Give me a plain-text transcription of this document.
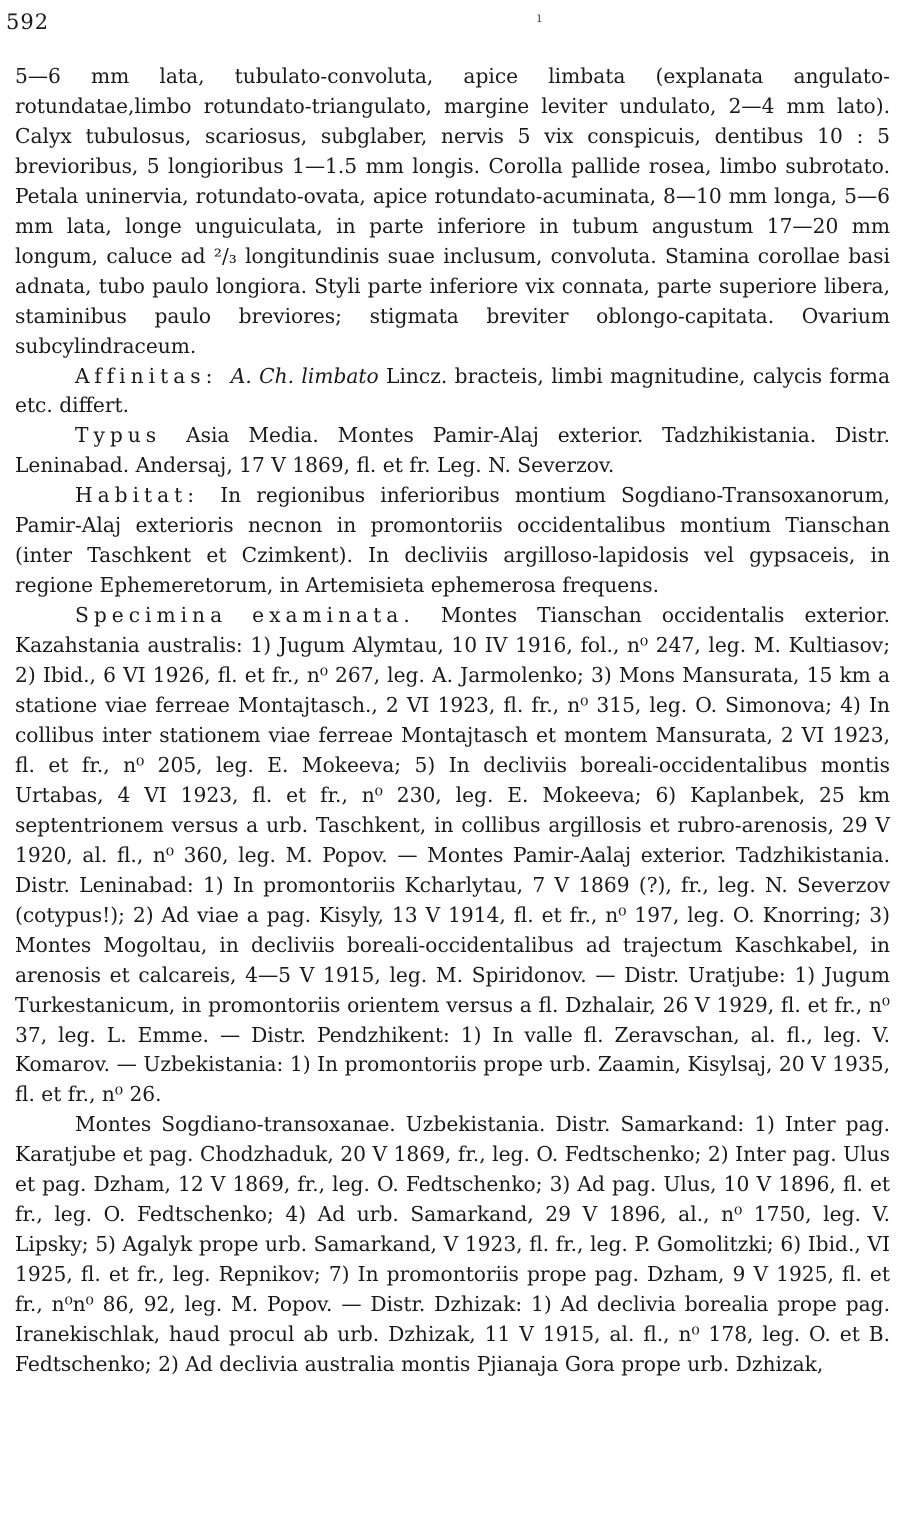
592	ı

5—6 mm lata, tubulato-convoluta, apice limbata (explanata angulato-rotundatae,limbo rotundato-triangulato, margine leviter undulato, 2—4 mm lato). Calyx tubulosus, scariosus, subglaber, nervis 5 vix conspicuis, dentibus 10 : 5 brevioribus, 5 longioribus 1—1.5 mm longis. Corolla pallide rosea, limbo subrotato. Petala uninervia, rotundato-ovata, apice rotundato-acuminata, 8—10 mm longa, 5—6 mm lata, longe unguiculata, in parte inferiore in tubum angustum 17—20 mm longum, caluce ad ²/₃ longitundinis suae inclusum, convoluta. Stamina corollae basi adnata, tubo paulo longiora. Styli parte inferiore vix connata, parte superiore libera, staminibus paulo breviores; stigmata breviter oblongo-capitata. Ovarium subcylindraceum.

Affinitas: A. Ch. limbato Lincz. bracteis, limbi magnitudine, calycis forma etc. differt.

Typus Asia Media. Montes Pamir-Alaj exterior. Tadzhikistania. Distr. Leninabad. Andersaj, 17 V 1869, fl. et fr. Leg. N. Severzov.

Habitat: In regionibus inferioribus montium Sogdiano-Transoxanorum, Pamir-Alaj exterioris necnon in promontoriis occidentalibus montium Tianschan (inter Taschkent et Czimkent). In decliviis argilloso-lapidosis vel gypsaceis, in regione Ephemeretorum, in Artemisieta ephemerosa frequens.

Specimina examinata. Montes Tianschan occidentalis exterior. Kazahstania australis: 1) Jugum Alymtau, 10 IV 1916, fol., n⁰ 247, leg. M. Kultiasov; 2) Ibid., 6 VI 1926, fl. et fr., n⁰ 267, leg. A. Jarmolenko; 3) Mons Mansurata, 15 km a statione viae ferreae Montajtasch., 2 VI 1923, fl. fr., n⁰ 315, leg. O. Simonova; 4) In collibus inter stationem viae ferreae Montajtasch et montem Mansurata, 2 VI 1923, fl. et fr., n⁰ 205, leg. E. Mokeeva; 5) In decliviis boreali-occidentalibus montis Urtabas, 4 VI 1923, fl. et fr., n⁰ 230, leg. E. Mokeeva; 6) Kaplanbek, 25 km septentrionem versus a urb. Taschkent, in collibus argillosis et rubro-arenosis, 29 V 1920, al. fl., n⁰ 360, leg. M. Popov. — Montes Pamir-Aalaj exterior. Tadzhikistania. Distr. Leninabad: 1) In promontoriis Kcharlytau, 7 V 1869 (?), fr., leg. N. Severzov (cotypus!); 2) Ad viae a pag. Kisyly, 13 V 1914, fl. et fr., n⁰ 197, leg. O. Knorring; 3) Montes Mogoltau, in decliviis boreali-occidentalibus ad trajectum Kaschkabel, in arenosis et calcareis, 4—5 V 1915, leg. M. Spiridonov. — Distr. Uratjube: 1) Jugum Turkestanicum, in promontoriis orientem versus a fl. Dzhalair, 26 V 1929, fl. et fr., n⁰ 37, leg. L. Emme. — Distr. Pendzhikent: 1) In valle fl. Zeravschan, al. fl., leg. V. Komarov. — Uzbekistania: 1) In promontoriis prope urb. Zaamin, Kisylsaj, 20 V 1935, fl. et fr., n⁰ 26.

Montes Sogdiano-transoxanae. Uzbekistania. Distr. Samarkand: 1) Inter pag. Karatjube et pag. Chodzhaduk, 20 V 1869, fr., leg. O. Fedtschenko; 2) Inter pag. Ulus et pag. Dzham, 12 V 1869, fr., leg. O. Fedtschenko; 3) Ad pag. Ulus, 10 V 1896, fl. et fr., leg. O. Fedtschenko; 4) Ad urb. Samarkand, 29 V 1896, al., n⁰ 1750, leg. V. Lipsky; 5) Agalyk prope urb. Samarkand, V 1923, fl. fr., leg. P. Gomolitzki; 6) Ibid., VI 1925, fl. et fr., leg. Repnikov; 7) In promontoriis prope pag. Dzham, 9 V 1925, fl. et fr., n⁰n⁰ 86, 92, leg. M. Popov. — Distr. Dzhizak: 1) Ad declivia borealia prope pag. Iranekischlak, haud procul ab urb. Dzhizak, 11 V 1915, al. fl., n⁰ 178, leg. O. et B. Fedtschenko; 2) Ad declivia australia montis Pjianaja Gora prope urb. Dzhizak,
